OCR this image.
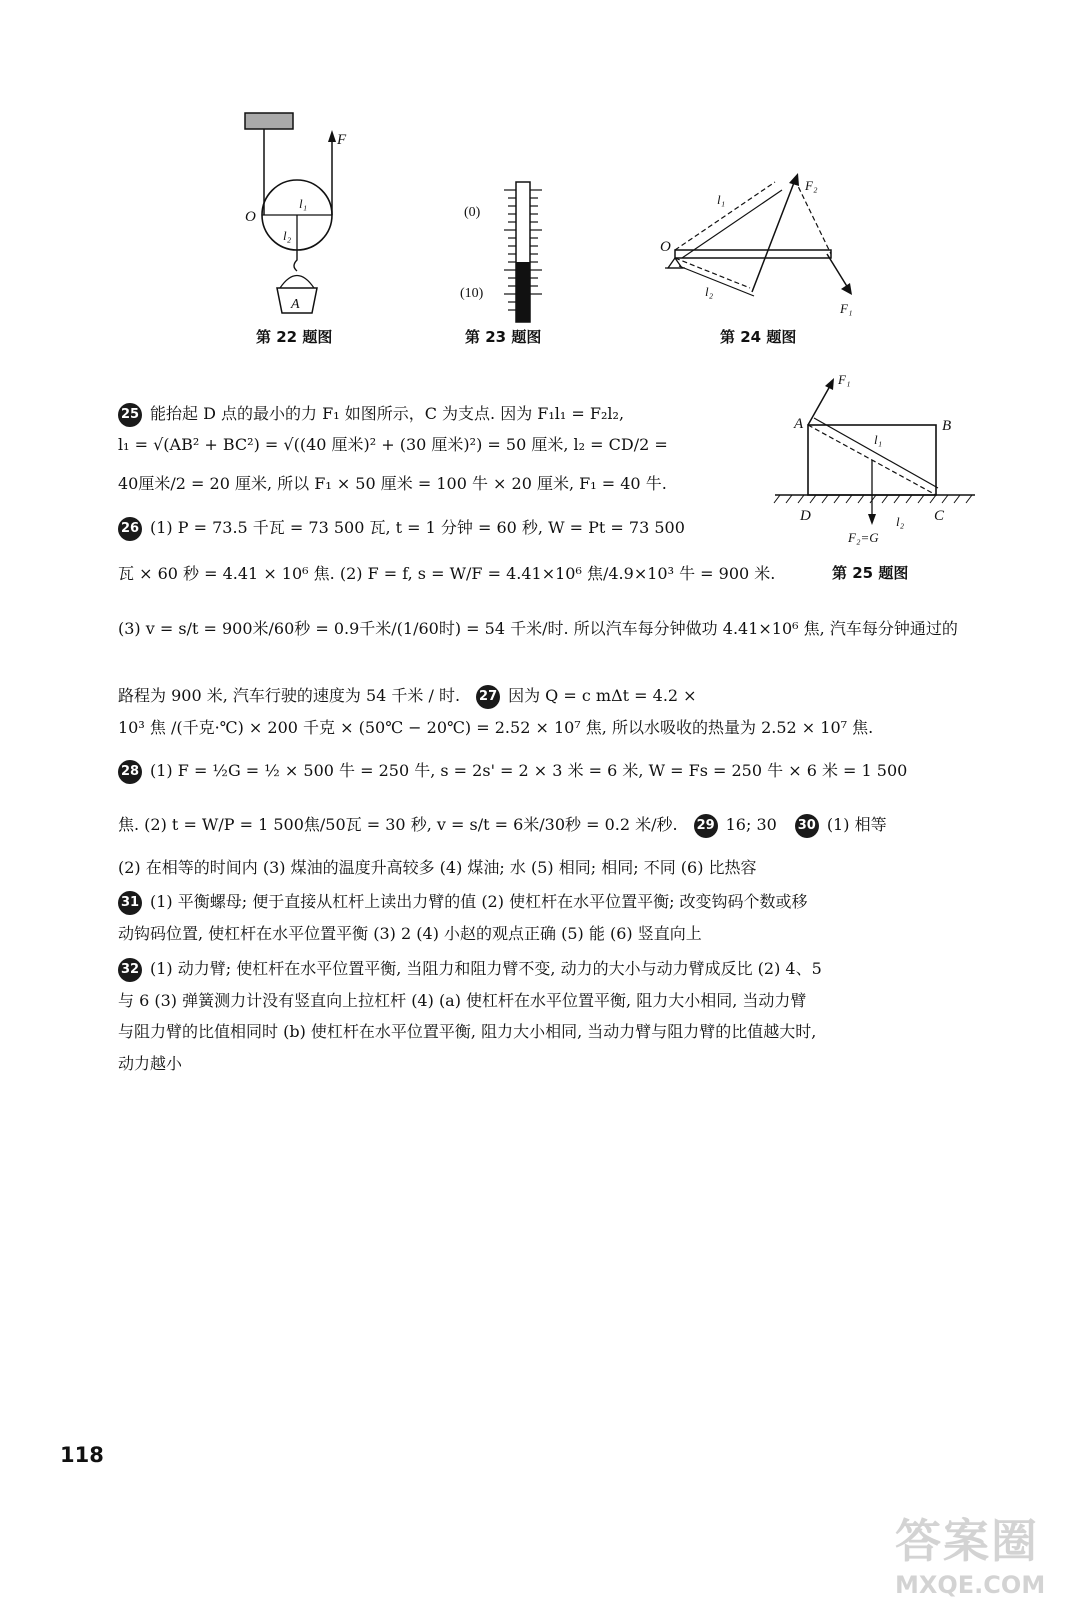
F
O
l₁
l₂
A
第 22 题图
(0)
(10)
第 23 题图
O
l₁
l₂
F₂
F₁
第 24 题图
A	B
C
D
F₁
l₁
l₂
F₂=G
第 25 题图
25 能抬起 D 点的最小的力 F₁ 如图所示，C 为支点. 因为 F₁l₁ = F₂l₂,
l₁ = √(AB² + BC²) = √((40 厘米)² + (30 厘米)²) = 50 厘米, l₂ = CD/2 =
40厘米/2 = 20 厘米, 所以 F₁ × 50 厘米 = 100 牛 × 20 厘米, F₁ = 40 牛.
26 (1) P = 73.5 千瓦 = 73 500 瓦, t = 1 分钟 = 60 秒, W = Pt = 73 500
瓦 × 60 秒 = 4.41 × 10⁶ 焦. (2) F = f, s = W/F = 4.41×10⁶ 焦/4.9×10³ 牛 = 900 米.
(3) v = s/t = 900米/60秒 = 0.9千米/(1/60时) = 54 千米/时. 所以汽车每分钟做功 4.41×10⁶ 焦, 汽车每分钟通过的
路程为 900 米, 汽车行驶的速度为 54 千米 / 时. 27 因为 Q = c mΔt = 4.2 ×
10³ 焦 /(千克·℃) × 200 千克 × (50℃ − 20℃) = 2.52 × 10⁷ 焦, 所以水吸收的热量为 2.52 × 10⁷ 焦.
28 (1) F = ½G = ½ × 500 牛 = 250 牛, s = 2s' = 2 × 3 米 = 6 米, W = Fs = 250 牛 × 6 米 = 1 500
焦. (2) t = W/P = 1 500焦/50瓦 = 30 秒, v = s/t = 6米/30秒 = 0.2 米/秒. 29 16; 30 30 (1) 相等
(2) 在相等的时间内 (3) 煤油的温度升高较多 (4) 煤油; 水 (5) 相同; 相同; 不同 (6) 比热容
31 (1) 平衡螺母; 便于直接从杠杆上读出力臂的值 (2) 使杠杆在水平位置平衡; 改变钩码个数或移
动钩码位置, 使杠杆在水平位置平衡 (3) 2 (4) 小赵的观点正确 (5) 能 (6) 竖直向上
32 (1) 动力臂; 使杠杆在水平位置平衡, 当阻力和阻力臂不变, 动力的大小与动力臂成反比 (2) 4、5
与 6 (3) 弹簧测力计没有竖直向上拉杠杆 (4) (a) 使杠杆在水平位置平衡, 阻力大小相同, 当动力臂
与阻力臂的比值相同时 (b) 使杠杆在水平位置平衡, 阻力大小相同, 当动力臂与阻力臂的比值越大时,
动力越小
118
答案圈
MXQE.COM
